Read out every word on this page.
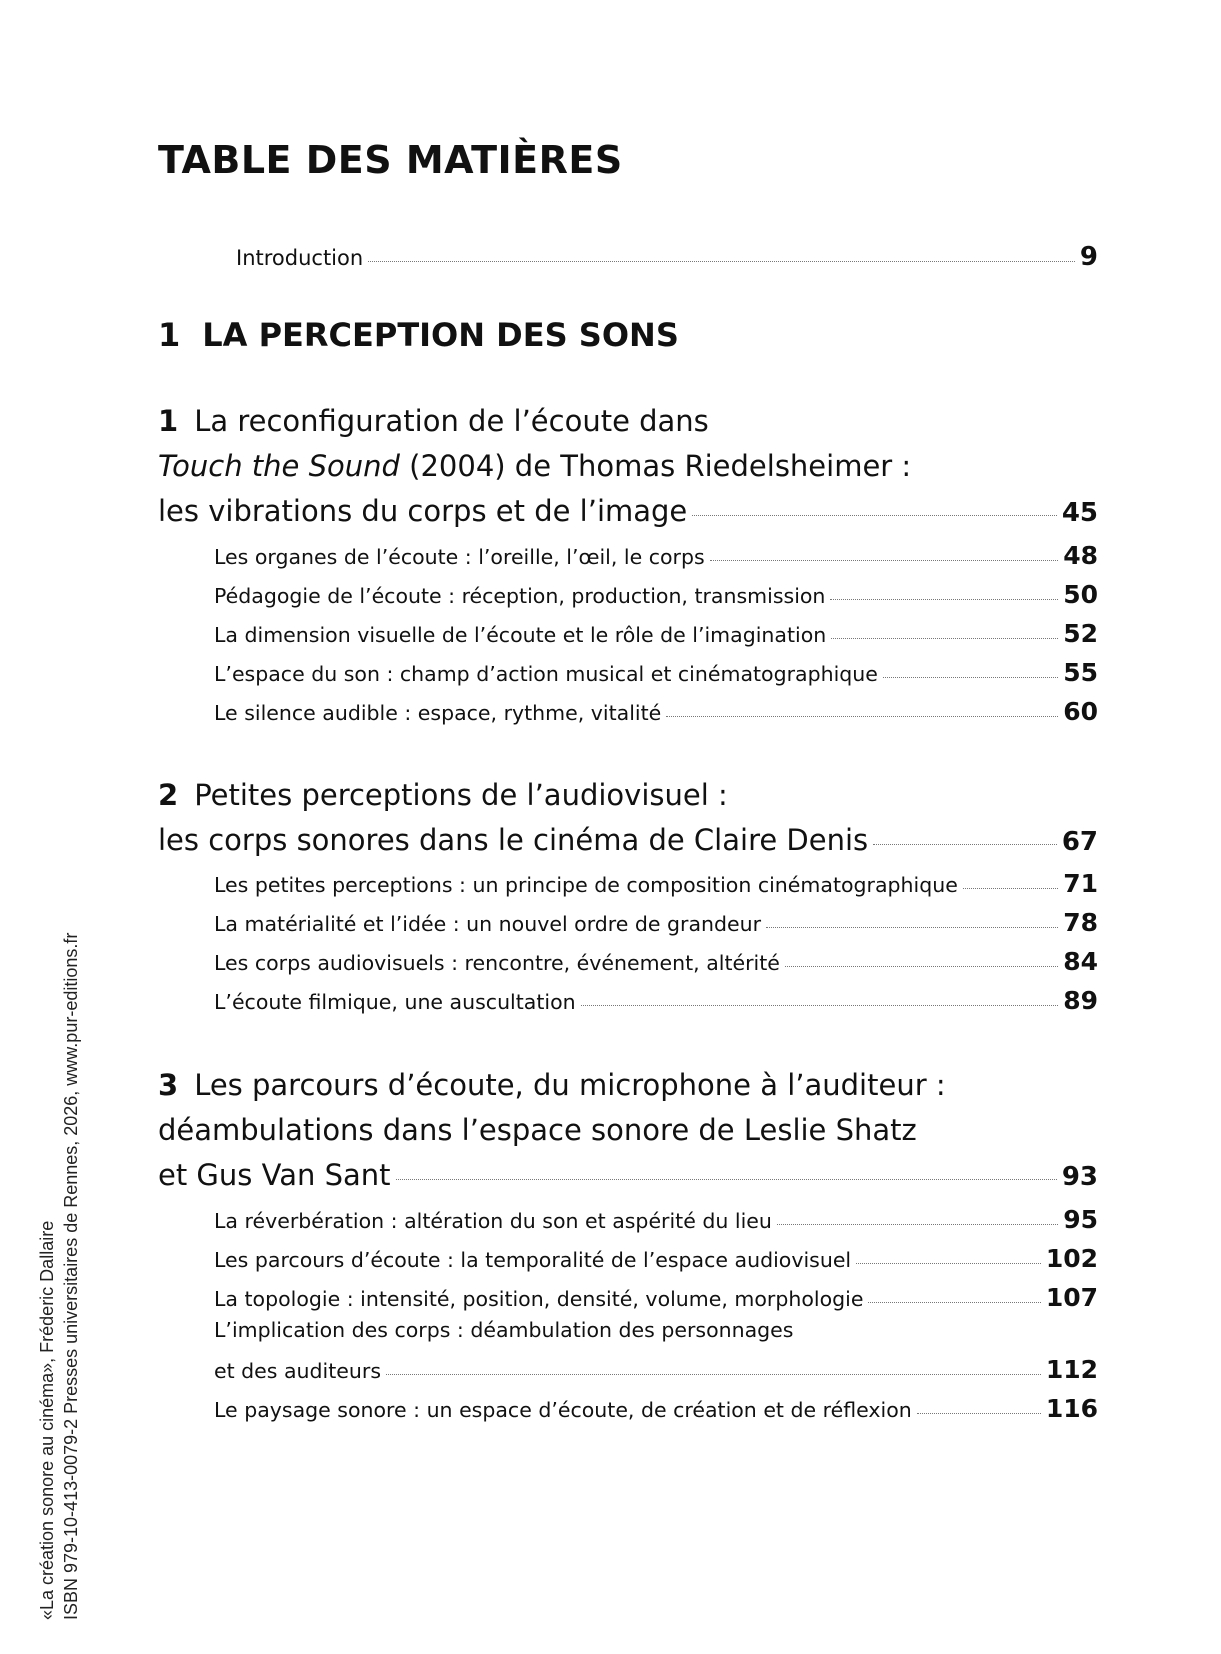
TABLE DES MATIÈRES
Introduction	9
1 LA PERCEPTION DES SONS
1 La reconfiguration de l’écoute dans
Touch the Sound (2004) de Thomas Riedelsheimer :
les vibrations du corps et de l’image	45
Les organes de l’écoute : l’oreille, l’œil, le corps	48
Pédagogie de l’écoute : réception, production, transmission	50
La dimension visuelle de l’écoute et le rôle de l’imagination	52
L’espace du son : champ d’action musical et cinématographique	55
Le silence audible : espace, rythme, vitalité	60
2 Petites perceptions de l’audiovisuel :
les corps sonores dans le cinéma de Claire Denis	67
Les petites perceptions : un principe de composition cinématographique	71
La matérialité et l’idée : un nouvel ordre de grandeur	78
Les corps audiovisuels : rencontre, événement, altérité	84
L’écoute filmique, une auscultation	89
3 Les parcours d’écoute, du microphone à l’auditeur :
déambulations dans l’espace sonore de Leslie Shatz
et Gus Van Sant	93
La réverbération : altération du son et aspérité du lieu	95
Les parcours d’écoute : la temporalité de l’espace audiovisuel	102
La topologie : intensité, position, densité, volume, morphologie	107
L’implication des corps : déambulation des personnages
et des auditeurs	112
Le paysage sonore : un espace d’écoute, de création et de réflexion	116
«La création sonore au cinéma», Fréderic Dallaire ISBN 979-10-413-0079-2 Presses universitaires de Rennes, 2026, www.pur-editions.fr
